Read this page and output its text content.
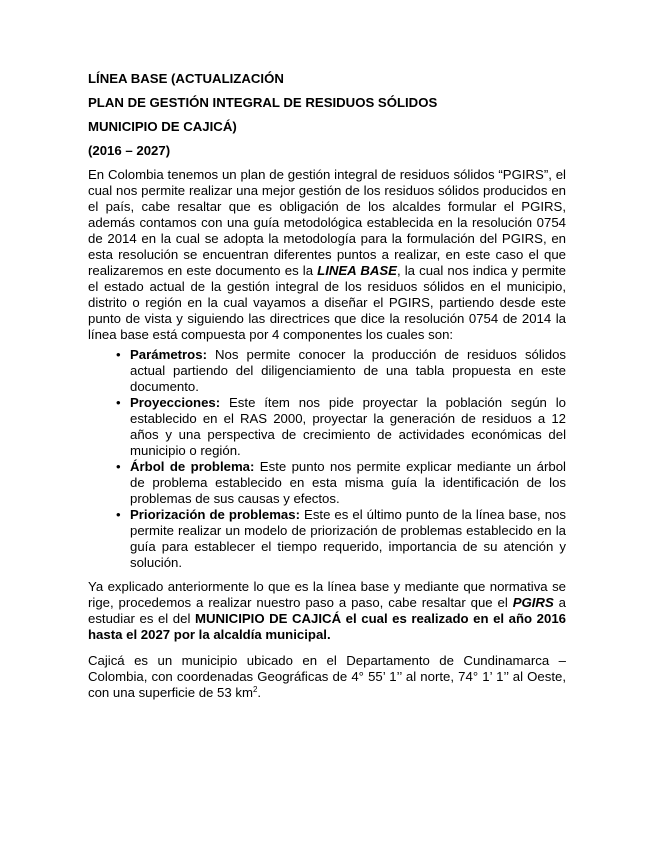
LÍNEA BASE (ACTUALIZACIÓN

PLAN DE GESTIÓN INTEGRAL DE RESIDUOS SÓLIDOS

MUNICIPIO DE CAJICÁ)

(2016 – 2027)

En Colombia tenemos un plan de gestión integral de residuos sólidos “PGIRS”, el cual nos permite realizar una mejor gestión de los residuos sólidos producidos en el país, cabe resaltar que es obligación de los alcaldes formular el PGIRS, además contamos con una guía metodológica establecida en la resolución 0754 de 2014 en la cual se adopta la metodología para la formulación del PGIRS, en esta resolución se encuentran diferentes puntos a realizar, en este caso el que realizaremos en este documento es la LINEA BASE, la cual nos indica y permite el estado actual de la gestión integral de los residuos sólidos en el municipio, distrito o región en la cual vayamos a diseñar el PGIRS, partiendo desde este punto de vista y siguiendo las directrices que dice la resolución 0754 de 2014 la línea base está compuesta por 4 componentes los cuales son:

• Parámetros: Nos permite conocer la producción de residuos sólidos actual partiendo del diligenciamiento de una tabla propuesta en este documento.
• Proyecciones: Este ítem nos pide proyectar la población según lo establecido en el RAS 2000, proyectar la generación de residuos a 12 años y una perspectiva de crecimiento de actividades económicas del municipio o región.
• Árbol de problema: Este punto nos permite explicar mediante un árbol de problema establecido en esta misma guía la identificación de los problemas de sus causas y efectos.
• Priorización de problemas: Este es el último punto de la línea base, nos permite realizar un modelo de priorización de problemas establecido en la guía para establecer el tiempo requerido, importancia de su atención y solución.

Ya explicado anteriormente lo que es la línea base y mediante que normativa se rige, procedemos a realizar nuestro paso a paso, cabe resaltar que el PGIRS a estudiar es el del MUNICIPIO DE CAJICÁ el cual es realizado en el año 2016 hasta el 2027 por la alcaldía municipal.

Cajicá es un municipio ubicado en el Departamento de Cundinamarca – Colombia, con coordenadas Geográficas de 4° 55’ 1’’ al norte, 74° 1’ 1’’ al Oeste, con una superficie de 53 $km^2$.
